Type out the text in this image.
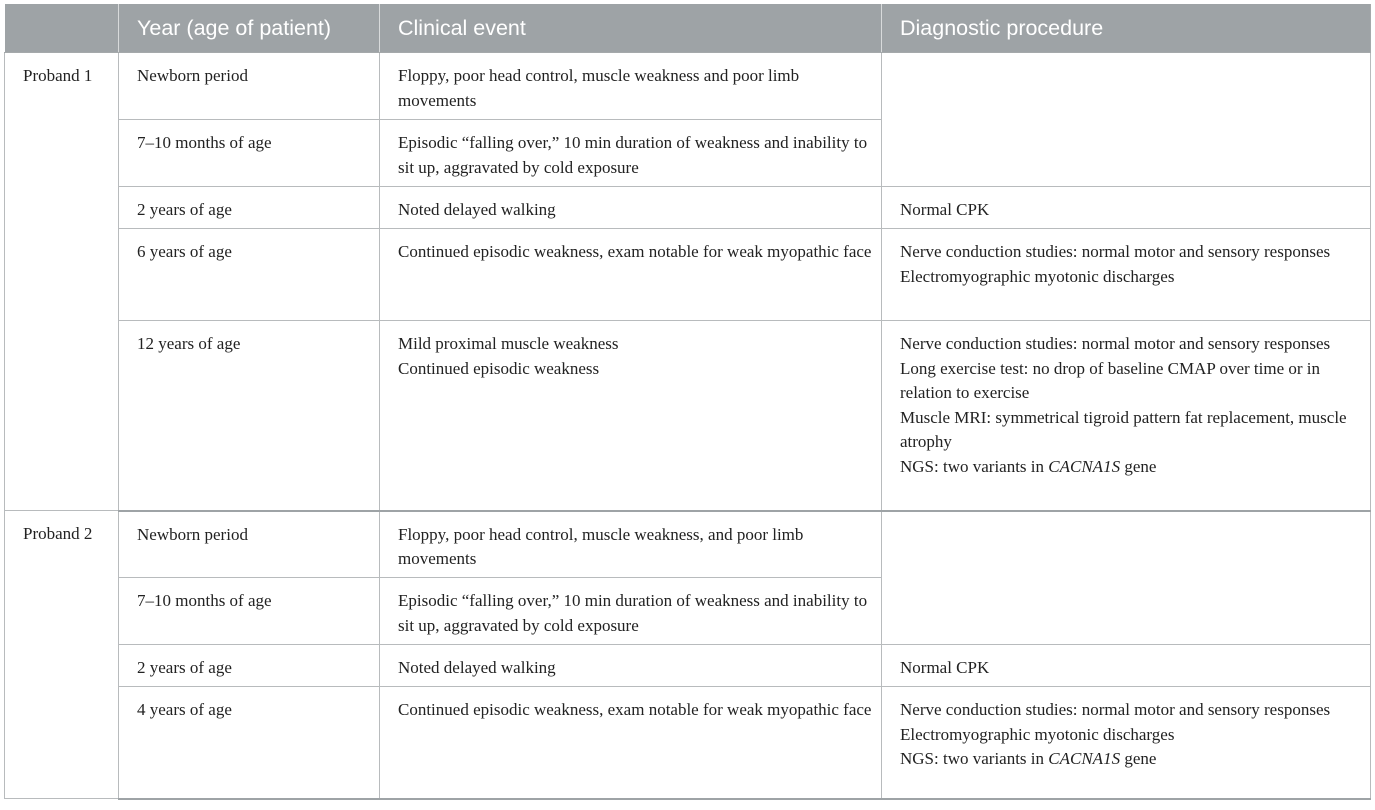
	Year (age of patient)	Clinical event	Diagnostic procedure
Proband 1	Newborn period	Floppy, poor head control, muscle weakness and poor limb movements	

	7–10 months of age	Episodic “falling over,” 10 min duration of weakness and inability to sit up, aggravated by cold exposure	

	2 years of age	Noted delayed walking	Normal CPK

	6 years of age	Continued episodic weakness, exam notable for weak myopathic face	Nerve conduction studies: normal motor and sensory responses
Electromyographic myotonic discharges

	12 years of age	Mild proximal muscle weakness
Continued episodic weakness	Nerve conduction studies: normal motor and sensory responses
Long exercise test: no drop of baseline CMAP over time or in relation to exercise
Muscle MRI: symmetrical tigroid pattern fat replacement, muscle atrophy
NGS: two variants in CACNA1S gene

Proband 2	Newborn period	Floppy, poor head control, muscle weakness, and poor limb movements	

	7–10 months of age	Episodic “falling over,” 10 min duration of weakness and inability to sit up, aggravated by cold exposure	

	2 years of age	Noted delayed walking	Normal CPK

	4 years of age	Continued episodic weakness, exam notable for weak myopathic face	Nerve conduction studies: normal motor and sensory responses
Electromyographic myotonic discharges
NGS: two variants in CACNA1S gene
